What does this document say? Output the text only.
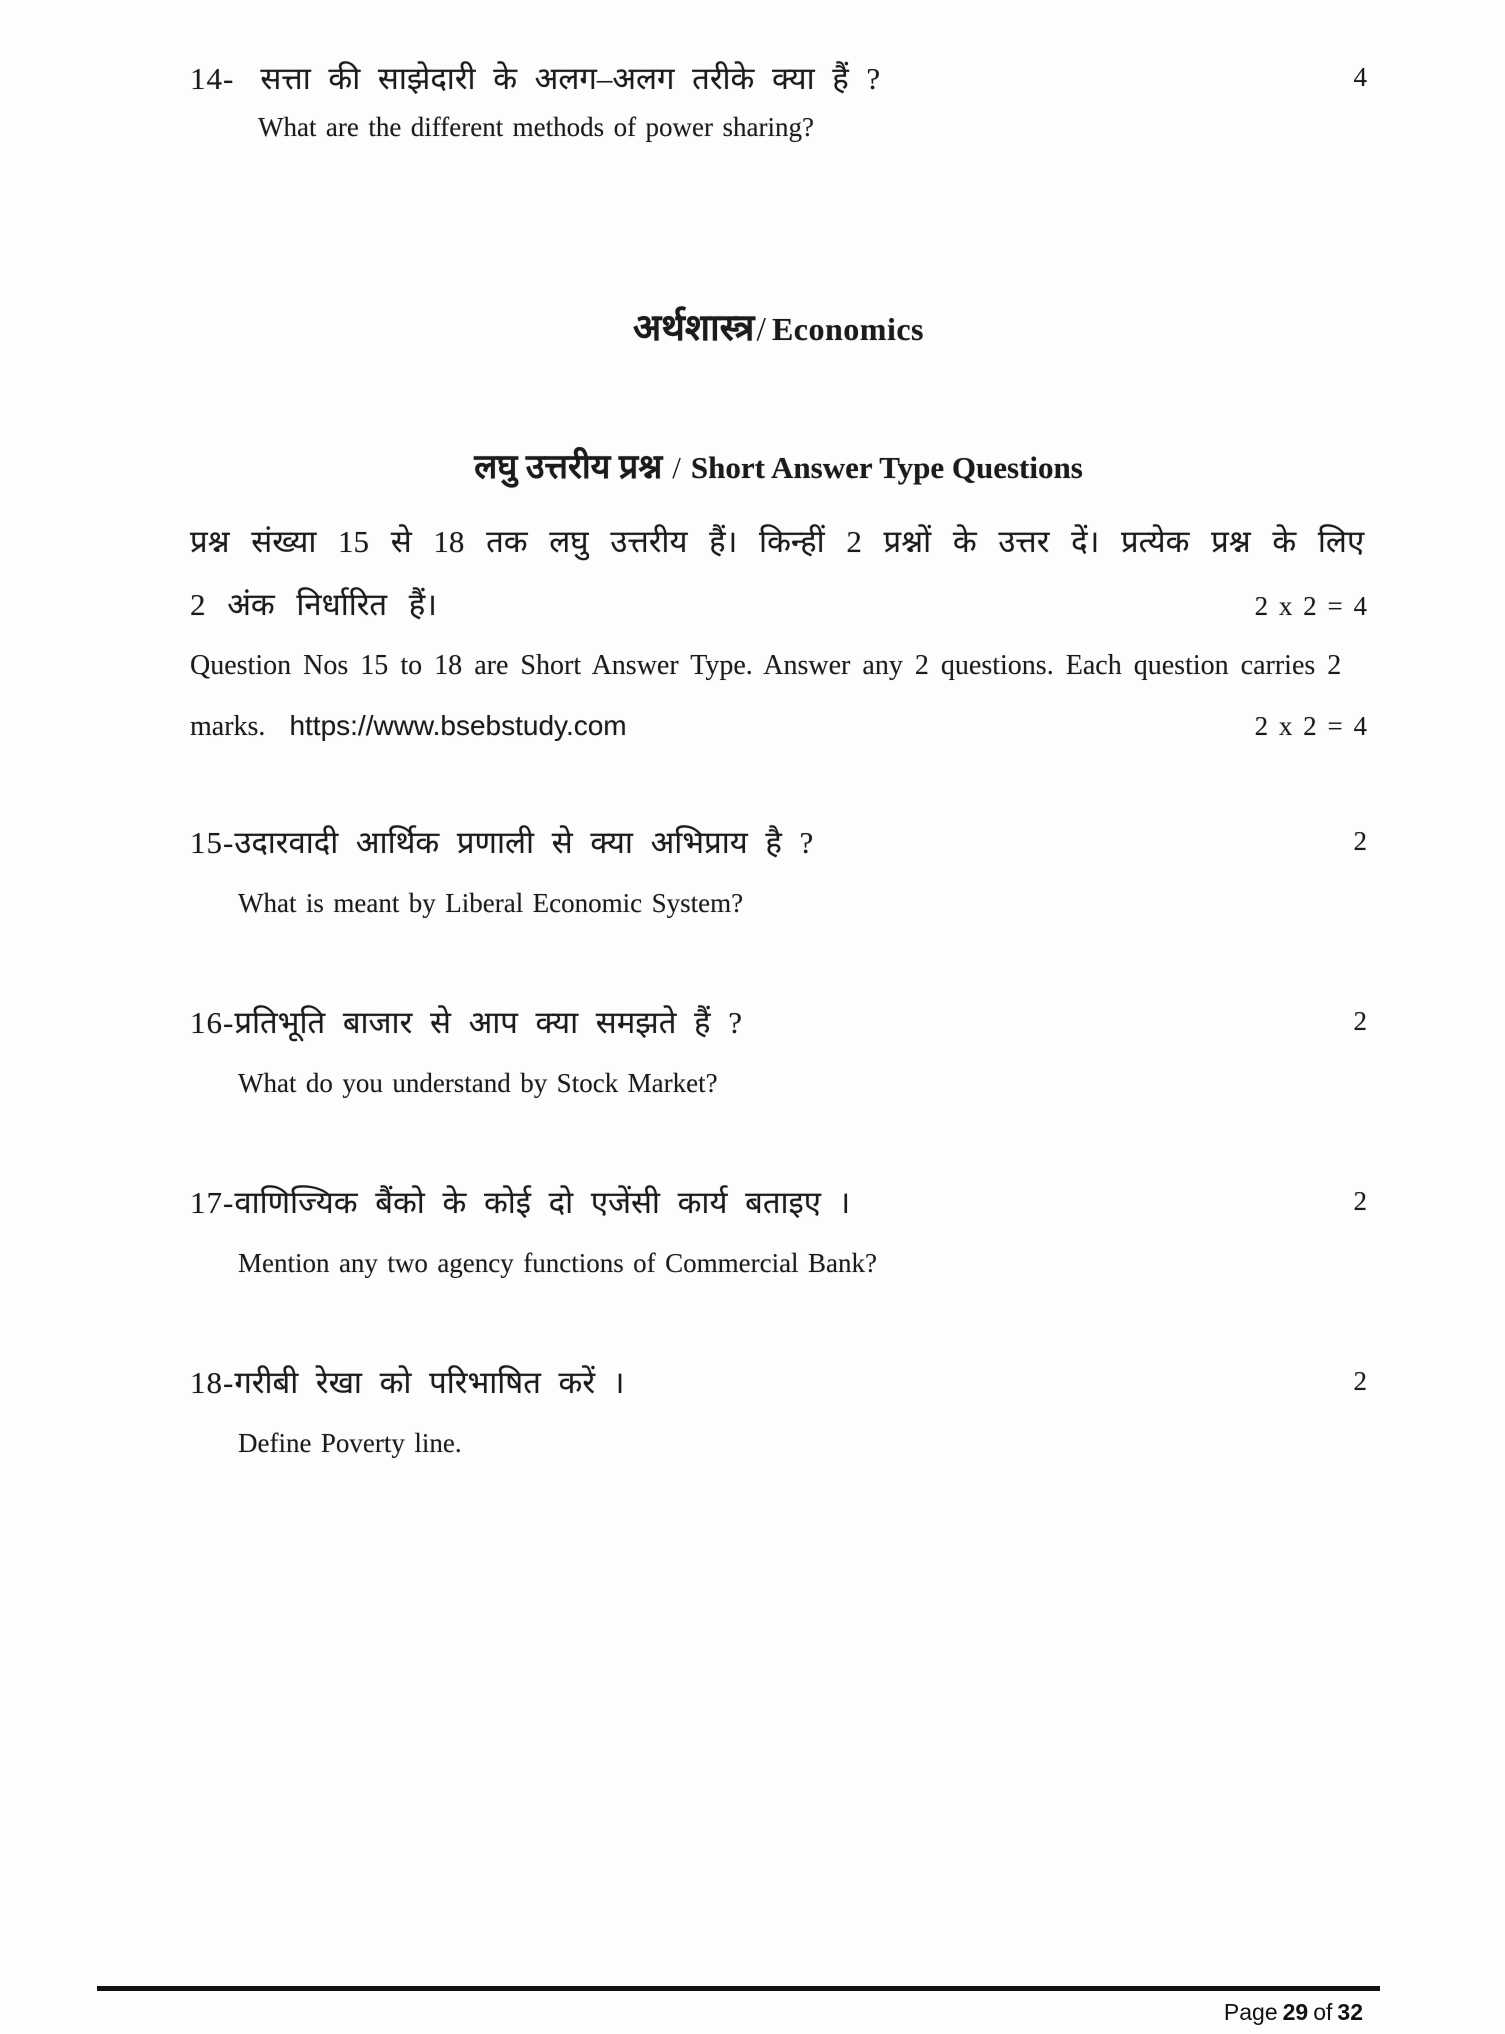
14- सत्ता की साझेदारी के अलग–अलग तरीके क्या हैं ?	4
What are the different methods of power sharing?
अर्थशास्त्र/ Economics
लघु उत्तरीय प्रश्न / Short Answer Type Questions
प्रश्न संख्या 15 से 18 तक लघु उत्तरीय हैं। किन्हीं 2 प्रश्नों के उत्तर दें। प्रत्येक प्रश्न के लिए
2 अंक निर्धारित हैं।	2 x 2 = 4
Question Nos 15 to 18 are Short Answer Type. Answer any 2 questions. Each question carries 2
marks. https://www.bsebstudy.com	2 x 2 = 4
15-उदारवादी आर्थिक प्रणाली से क्या अभिप्राय है ?	2
What is meant by Liberal Economic System?
16-प्रतिभूति बाजार से आप क्या समझते हैं ?	2
What do you understand by Stock Market?
17-वाणिज्यिक बैंको के कोई दो एजेंसी कार्य बताइए ।	2
Mention any two agency functions of Commercial Bank?
18-गरीबी रेखा को परिभाषित करें ।	2
Define Poverty line.
Page 29 of 32
